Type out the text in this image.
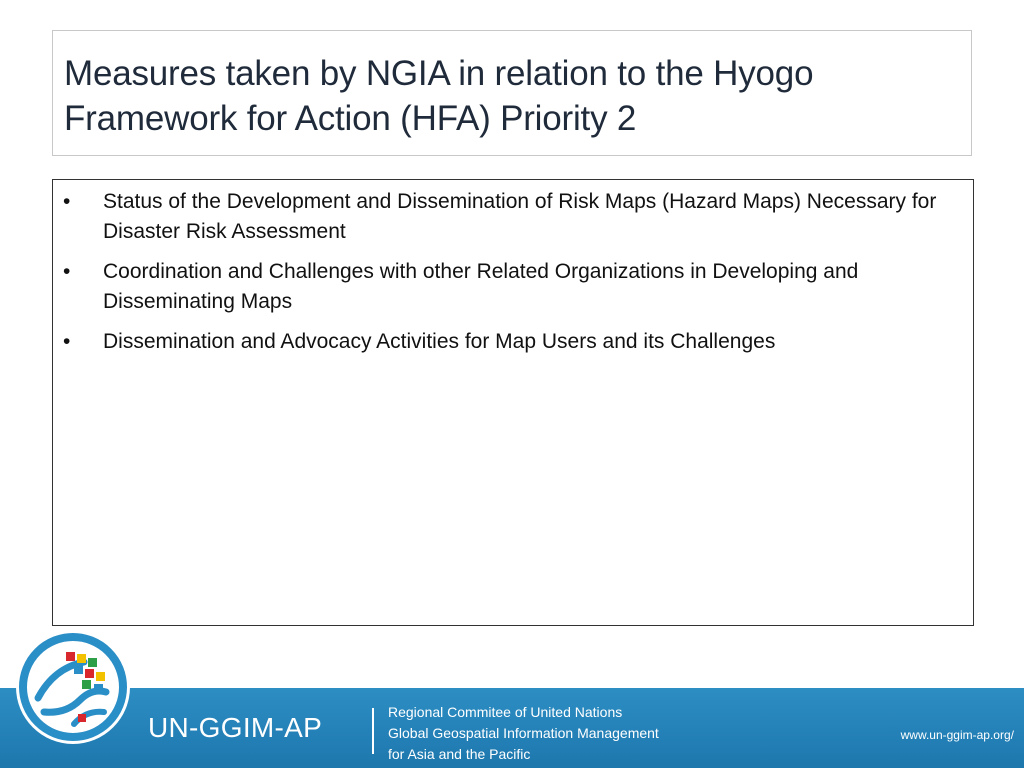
Measures taken by NGIA in relation to the Hyogo Framework for Action (HFA) Priority 2
•	Status of the Development and Dissemination of Risk Maps (Hazard Maps) Necessary for Disaster Risk Assessment
•	Coordination and Challenges with other Related Organizations in Developing and Disseminating Maps
•	Dissemination and Advocacy Activities for Map Users and its Challenges
UN-GGIM-AP	Regional Commitee of United Nations
Global Geospatial Information Management
for Asia and the Pacific
www.un-ggim-ap.org/
